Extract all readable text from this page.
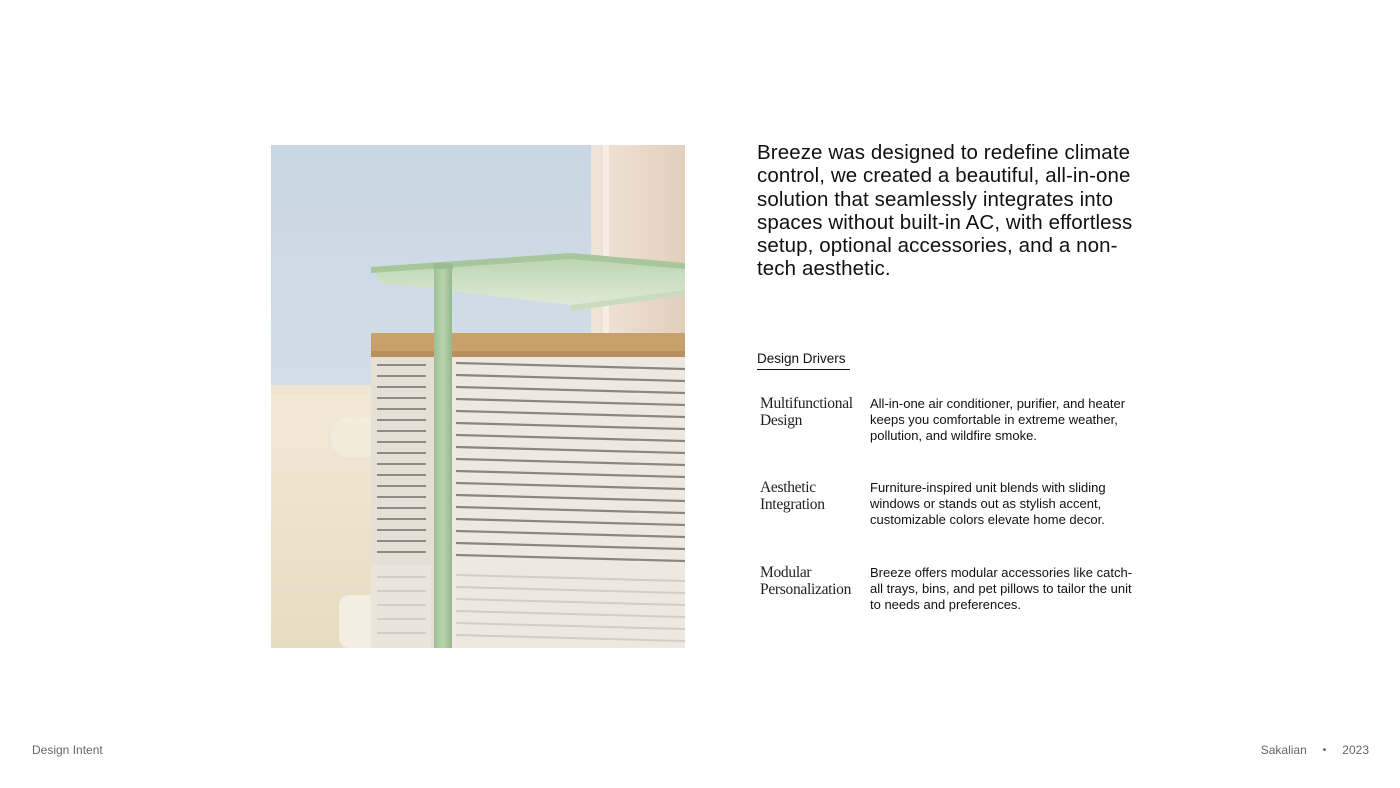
Breeze was designed to redefine climate control, we created a beautiful, all-in-one solution that seamlessly integrates into spaces without built-in AC, with effortless setup, optional accessories, and a non-tech aesthetic.

Design Drivers
Multifunctional Design
All-in-one air conditioner, purifier, and heater keeps you comfortable in extreme weather, pollution, and wildfire smoke.
Aesthetic Integration
Furniture-inspired unit blends with sliding windows or stands out as stylish accent, customizable colors elevate home decor.
Modular Personalization
Breeze offers modular accessories like catch-all trays, bins, and pet pillows to tailor the unit to needs and preferences.
Design Intent	Sakalian • 2023
